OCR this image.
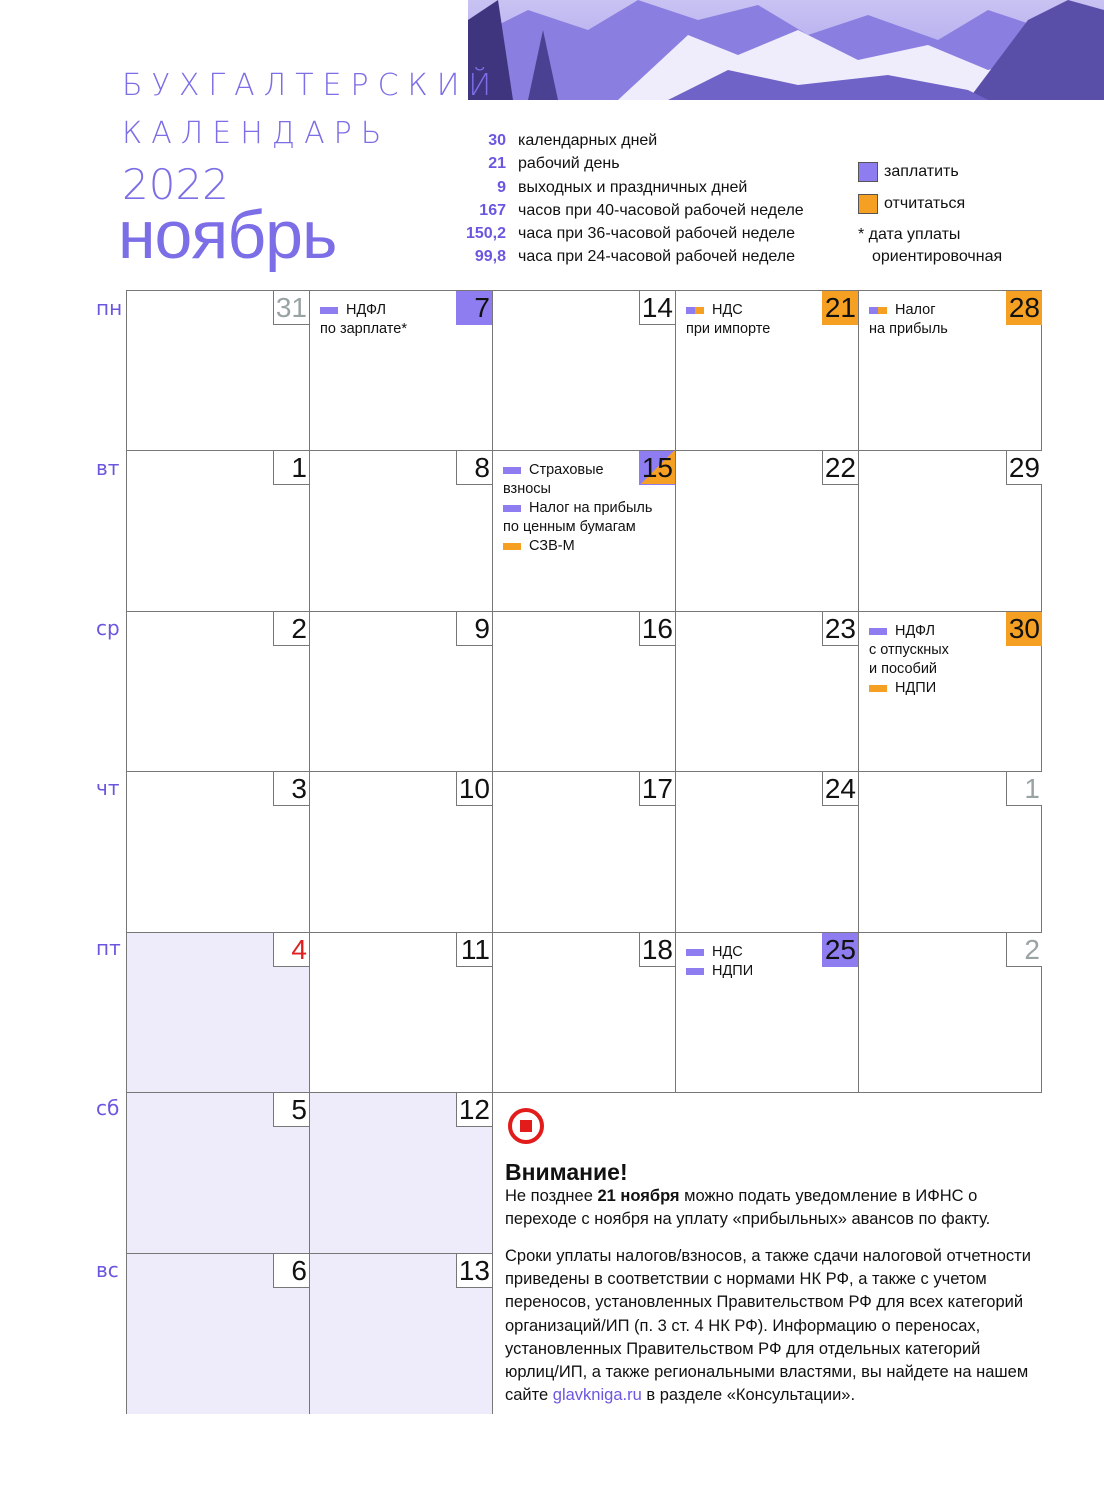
БУХГАЛТЕРСКИЙ
КАЛЕНДАРЬ
2022
ноябрь
30 календарных дней
21 рабочий день
9 выходных и праздничных дней
167 часов при 40-часовой рабочей неделе
150,2 часа при 36-часовой рабочей неделе
99,8 часа при 24-часовой рабочей неделе
заплатить
отчитаться
* дата уплаты
ориентировочная
пн
вт
ср
чт
пт
сб
вс
31
1
2
3
4
5
6
7
НДФЛ
по зарплате*
8
9
10
11
12
13
14
15
Страховые
взносы
Налог на прибыль
по ценным бумагам
СЗВ-М
16
17
18
21
НДС
при импорте
22
23
24
25
НДС
НДПИ
28
Налог
на прибыль
29
30
НДФЛ
с отпускных
и пособий
НДПИ
1
2
Внимание!
Не позднее 21 ноября можно подать уведомление в ИФНС о переходе с ноября на уплату «прибыльных» авансов по факту.
Сроки уплаты налогов/взносов, а также сдачи налоговой отчетности приведены в соответствии с нормами НК РФ, а также с учетом переносов, установленных Правительством РФ для всех категорий организаций/ИП (п. 3 ст. 4 НК РФ). Информацию о переносах, установленных Правительством РФ для отдельных категорий юрлиц/ИП, а также региональными властями, вы найдете на нашем сайте glavkniga.ru в разделе «Консультации».
